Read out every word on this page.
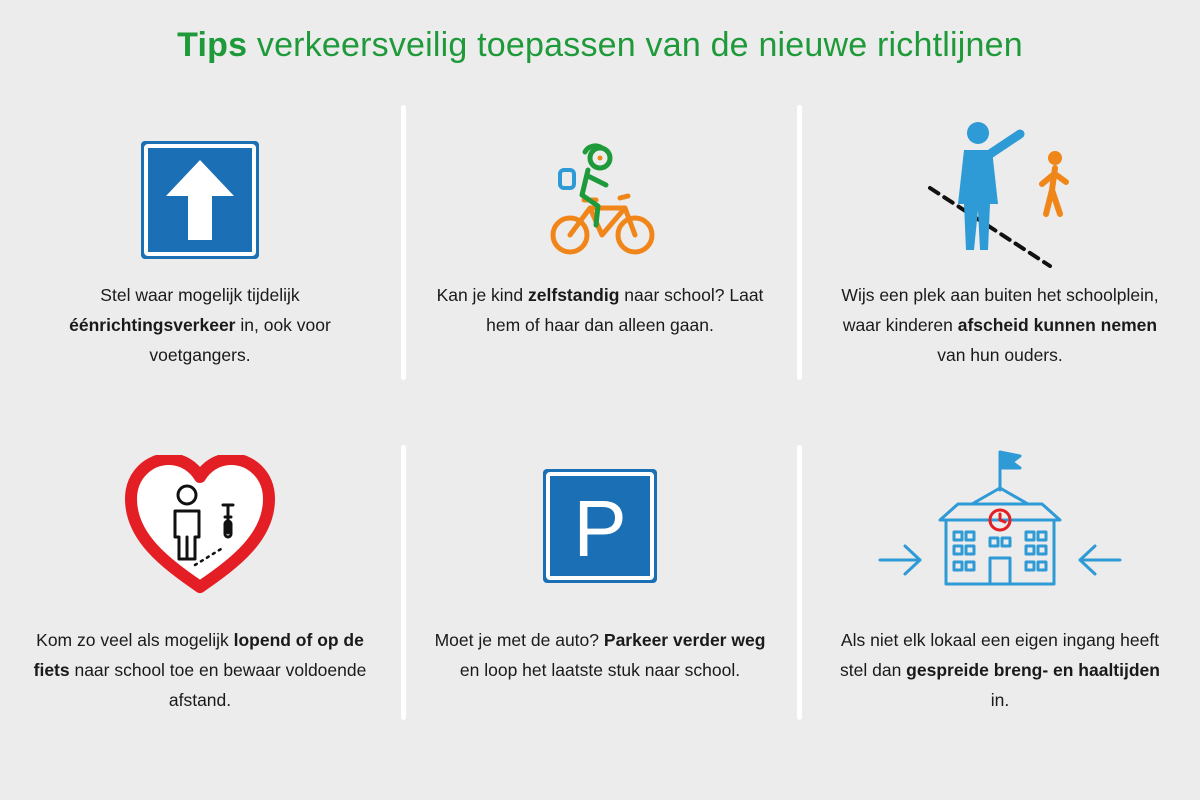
Tips verkeersveilig toepassen van de nieuwe richtlijnen
Stel waar mogelijk tijdelijk éénrichtingsverkeer in, ook voor voetgangers.
Kan je kind zelfstandig naar school? Laat hem of haar dan alleen gaan.
Wijs een plek aan buiten het schoolplein, waar kinderen afscheid kunnen nemen van hun ouders.
Kom zo veel als mogelijk lopend of op de fiets naar school toe en bewaar voldoende afstand.
P
Moet je met de auto? Parkeer verder weg en loop het laatste stuk naar school.
Als niet elk lokaal een eigen ingang heeft stel dan gespreide breng- en haaltijden in.
